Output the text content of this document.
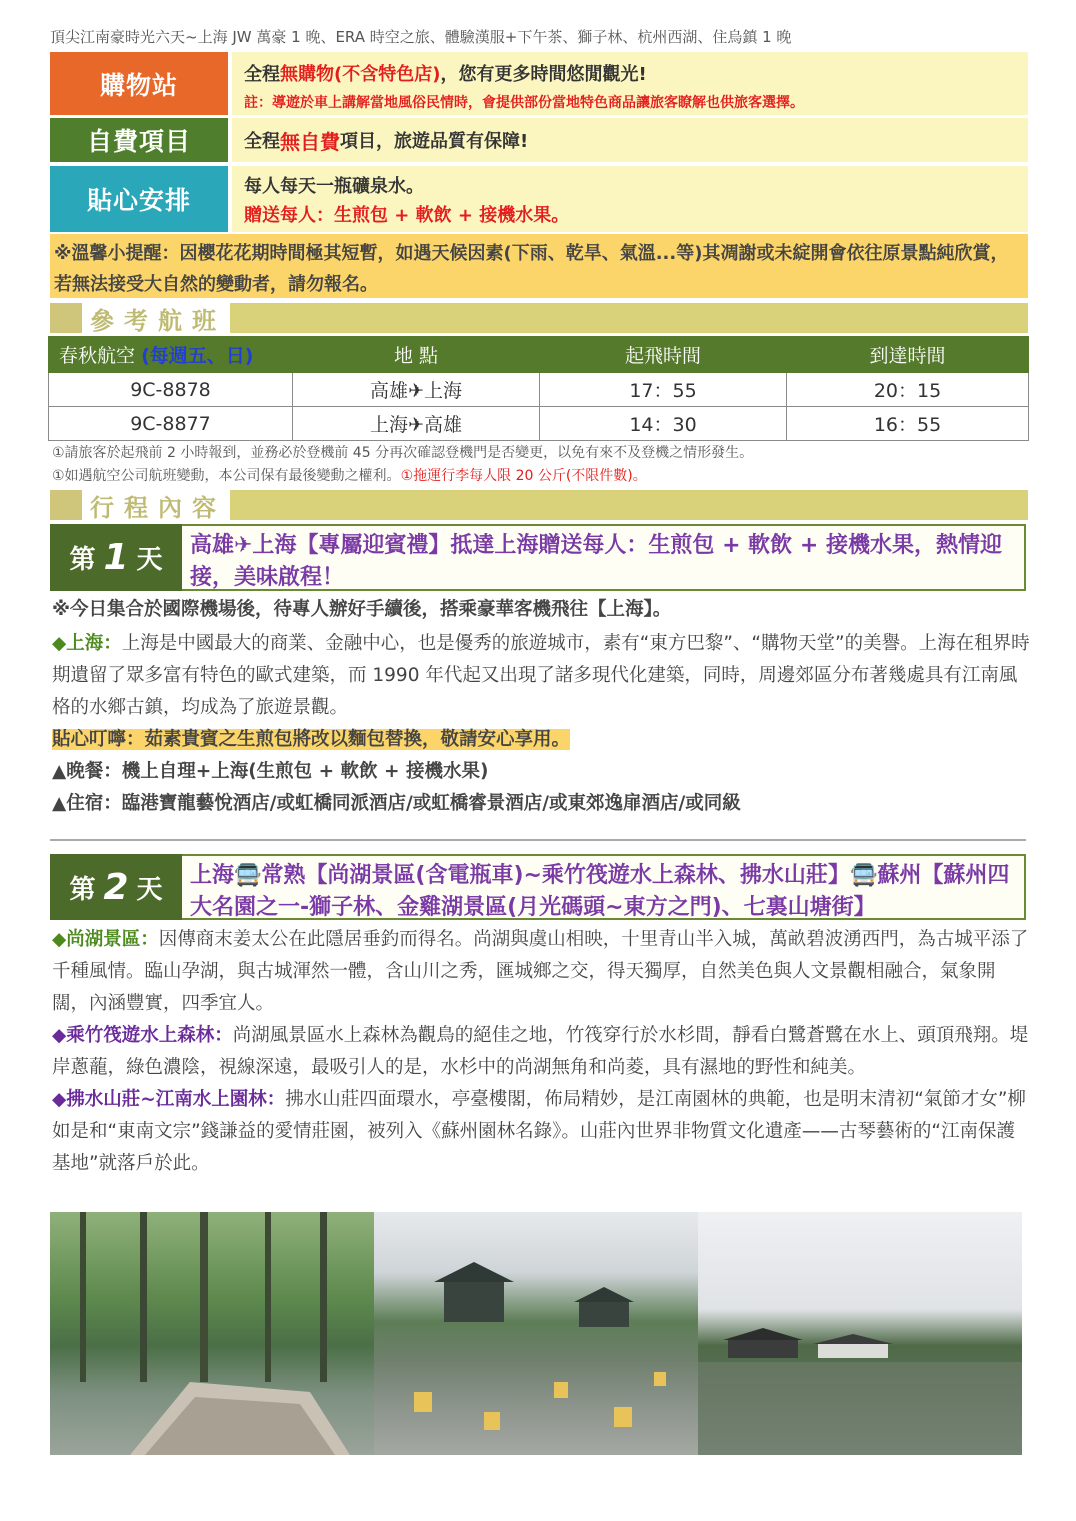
頂尖江南豪時光六天~上海 JW 萬豪 1 晚、ERA 時空之旅、體驗漢服+下午茶、獅子林、杭州西湖、住烏鎮 1 晚
購物站	全程無購物(不含特色店)，您有更多時間悠閒觀光!
註：導遊於車上講解當地風俗民情時，會提供部份當地特色商品讓旅客瞭解也供旅客選擇。
自費項目	全程 無自費 項目，旅遊品質有保障!
貼心安排	每人每天一瓶礦泉水。
贈送每人：生煎包 + 軟飲 + 接機水果。
※溫馨小提醒：因櫻花花期時間極其短暫，如遇天候因素(下雨、乾旱、氣溫...等)其凋謝或未綻開會依往原景點純欣賞，若無法接受大自然的變動者，請勿報名。
參考航班
春秋航空 (每週五、日)	地 點	起飛時間	到達時間
9C-8878	高雄✈上海	17：55	20：15
9C-8877	上海✈高雄	14：30	16：55
①請旅客於起飛前 2 小時報到，並務必於登機前 45 分再次確認登機門是否變更，以免有來不及登機之情形發生。
①如遇航空公司航班變動，本公司保有最後變動之權利。①拖運行李每人限 20 公斤(不限件數)。
行程內容
第 1 天	高雄✈上海【專屬迎賓禮】抵達上海贈送每人：生煎包 + 軟飲 + 接機水果，熱情迎接，美味啟程！
※今日集合於國際機場後，待專人辦好手續後，搭乘豪華客機飛往【上海】。
◆上海：上海是中國最大的商業、金融中心，也是優秀的旅遊城市，素有“東方巴黎”、“購物天堂”的美譽。上海在租界時期遺留了眾多富有特色的歐式建築，而 1990 年代起又出現了諸多現代化建築，同時，周邊郊區分布著幾處具有江南風格的水鄉古鎮，均成為了旅遊景觀。
貼心叮嚀：茹素貴賓之生煎包將改以麵包替換，敬請安心享用。
▲晚餐：機上自理+上海(生煎包 + 軟飲 + 接機水果)
▲住宿：臨港寶龍藝悅酒店/或虹橋同派酒店/或虹橋睿景酒店/或東郊逸扉酒店/或同級
第 2 天	上海🚍常熟【尚湖景區(含電瓶車)~乘竹筏遊水上森林、拂水山莊】🚍蘇州【蘇州四大名園之一-獅子林、金雞湖景區(月光碼頭~東方之門)、七裏山塘街】
◆尚湖景區：因傳商末姜太公在此隱居垂釣而得名。尚湖與虞山相映，十里青山半入城，萬畝碧波湧西門，為古城平添了千種風情。臨山孕湖，與古城渾然一體，含山川之秀，匯城鄉之交，得天獨厚，自然美色與人文景觀相融合，氣象開闊，內涵豐實，四季宜人。
◆乘竹筏遊水上森林：尚湖風景區水上森林為觀鳥的絕佳之地，竹筏穿行於水杉間，靜看白鷺蒼鷺在水上、頭頂飛翔。堤岸蔥蘢，綠色濃陰，視線深遠，最吸引人的是，水杉中的尚湖無角和尚菱，具有濕地的野性和純美。
◆拂水山莊~江南水上園林：拂水山莊四面環水，亭臺樓閣，佈局精妙，是江南園林的典範，也是明末清初“氣節才女”柳如是和“東南文宗”錢謙益的愛情莊園，被列入《蘇州園林名錄》。山莊內世界非物質文化遺產——古琴藝術的“江南保護基地”就落戶於此。
